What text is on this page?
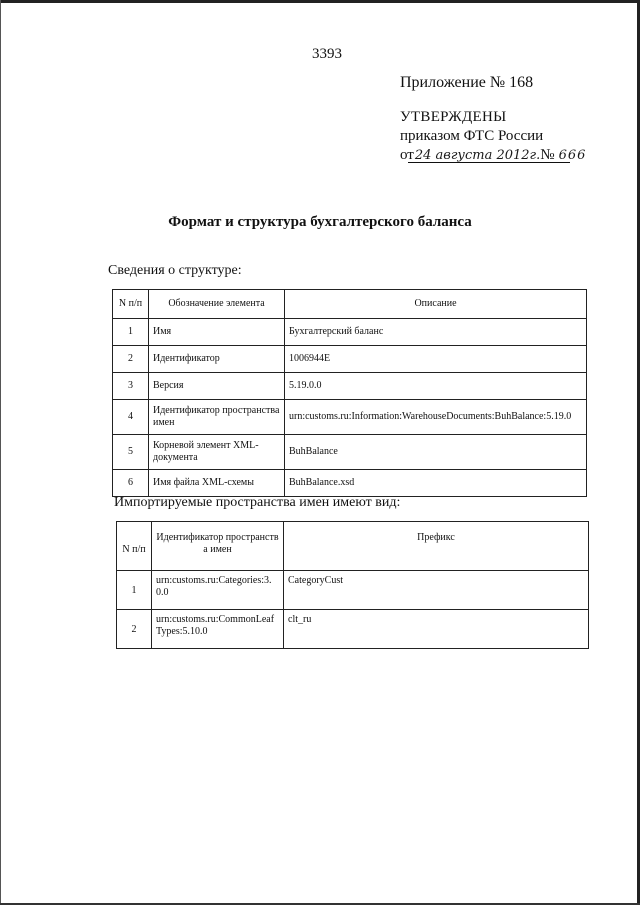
3393
Приложение № 168
УТВЕРЖДЕНЫ
приказом ФТС России
от24 августа 2012г.№ 666
Формат и структура бухгалтерского баланса
Сведения о структуре:
N п/п	Обозначение элемента	Описание
1	Имя	Бухгалтерский баланс
2	Идентификатор	1006944E
3	Версия	5.19.0.0
4	Идентификатор пространства имен	urn:customs.ru:Information:WarehouseDocuments:BuhBalance:5.19.0
5	Корневой элемент XML-документа	BuhBalance
6	Имя файла XML-схемы	BuhBalance.xsd
Импортируемые пространства имен имеют вид:
N п/п	Идентификатор пространства имен	Префикс
1	urn:customs.ru:Categories:3.0.0	CategoryCust
2	urn:customs.ru:CommonLeafTypes:5.10.0	clt_ru
